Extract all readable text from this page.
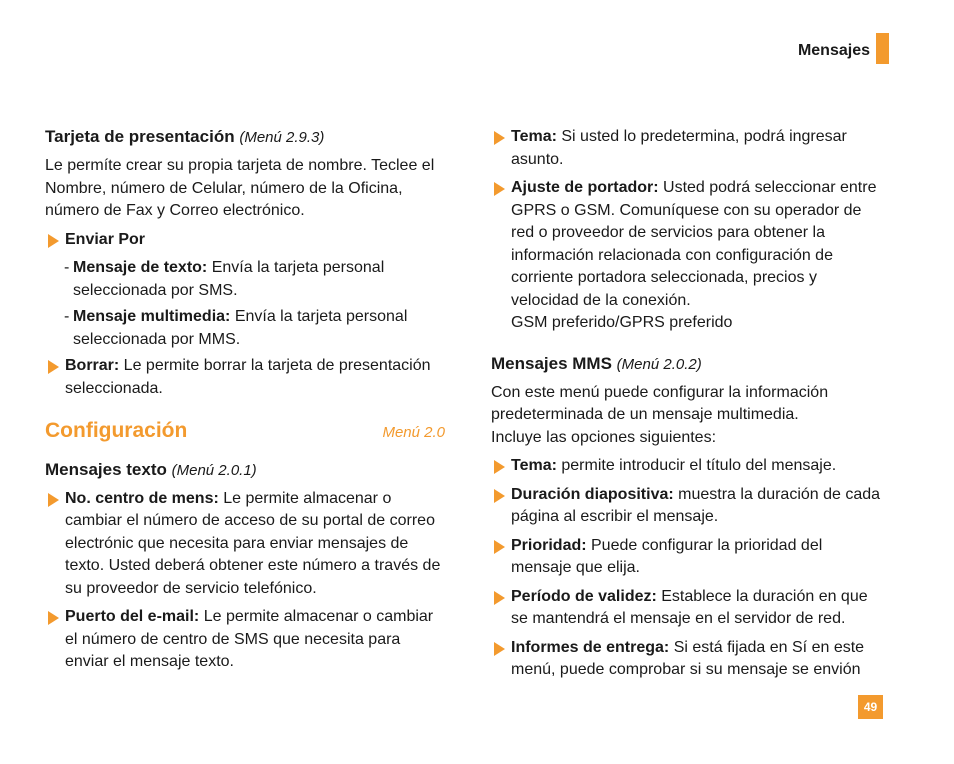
Mensajes
Tarjeta de presentación (Menú 2.9.3)

Le permíte crear su propia tarjeta de nombre. Teclee el Nombre, número de Celular, número de la Oficina, número de Fax y Correo electrónico.

Enviar Por
- Mensaje de texto: Envía la tarjeta personal seleccionada por SMS.
- Mensaje multimedia: Envía la tarjeta personal seleccionada por MMS.
Borrar: Le permite borrar la tarjeta de presentación seleccionada.
Configuración	Menú 2.0
Mensajes texto (Menú 2.0.1)
No. centro de mens: Le permite almacenar o cambiar el número de acceso de su portal de correo electrónic que necesita para enviar mensajes de texto. Usted deberá obtener este número a través de su proveedor de servicio telefónico.
Puerto del e-mail: Le permite almacenar o cambiar el número de centro de SMS que necesita para enviar el mensaje texto.
Tema: Si usted lo predetermina, podrá ingresar asunto.
Ajuste de portador: Usted podrá seleccionar entre GPRS o GSM. Comuníquese con su operador de red o proveedor de servicios para obtener la información relacionada con configuración de corriente portadora seleccionada, precios y velocidad de la conexión.
GSM preferido/GPRS preferido
Mensajes MMS (Menú 2.0.2)

Con este menú puede configurar la información predeterminada de un mensaje multimedia.

Incluye las opciones siguientes:

Tema: permite introducir el título del mensaje.
Duración diapositiva: muestra la duración de cada página al escribir el mensaje.
Prioridad: Puede configurar la prioridad del mensaje que elija.
Período de validez: Establece la duración en que se mantendrá el mensaje en el servidor de red.
Informes de entrega: Si está fijada en Sí en este menú, puede comprobar si su mensaje se envión
49
